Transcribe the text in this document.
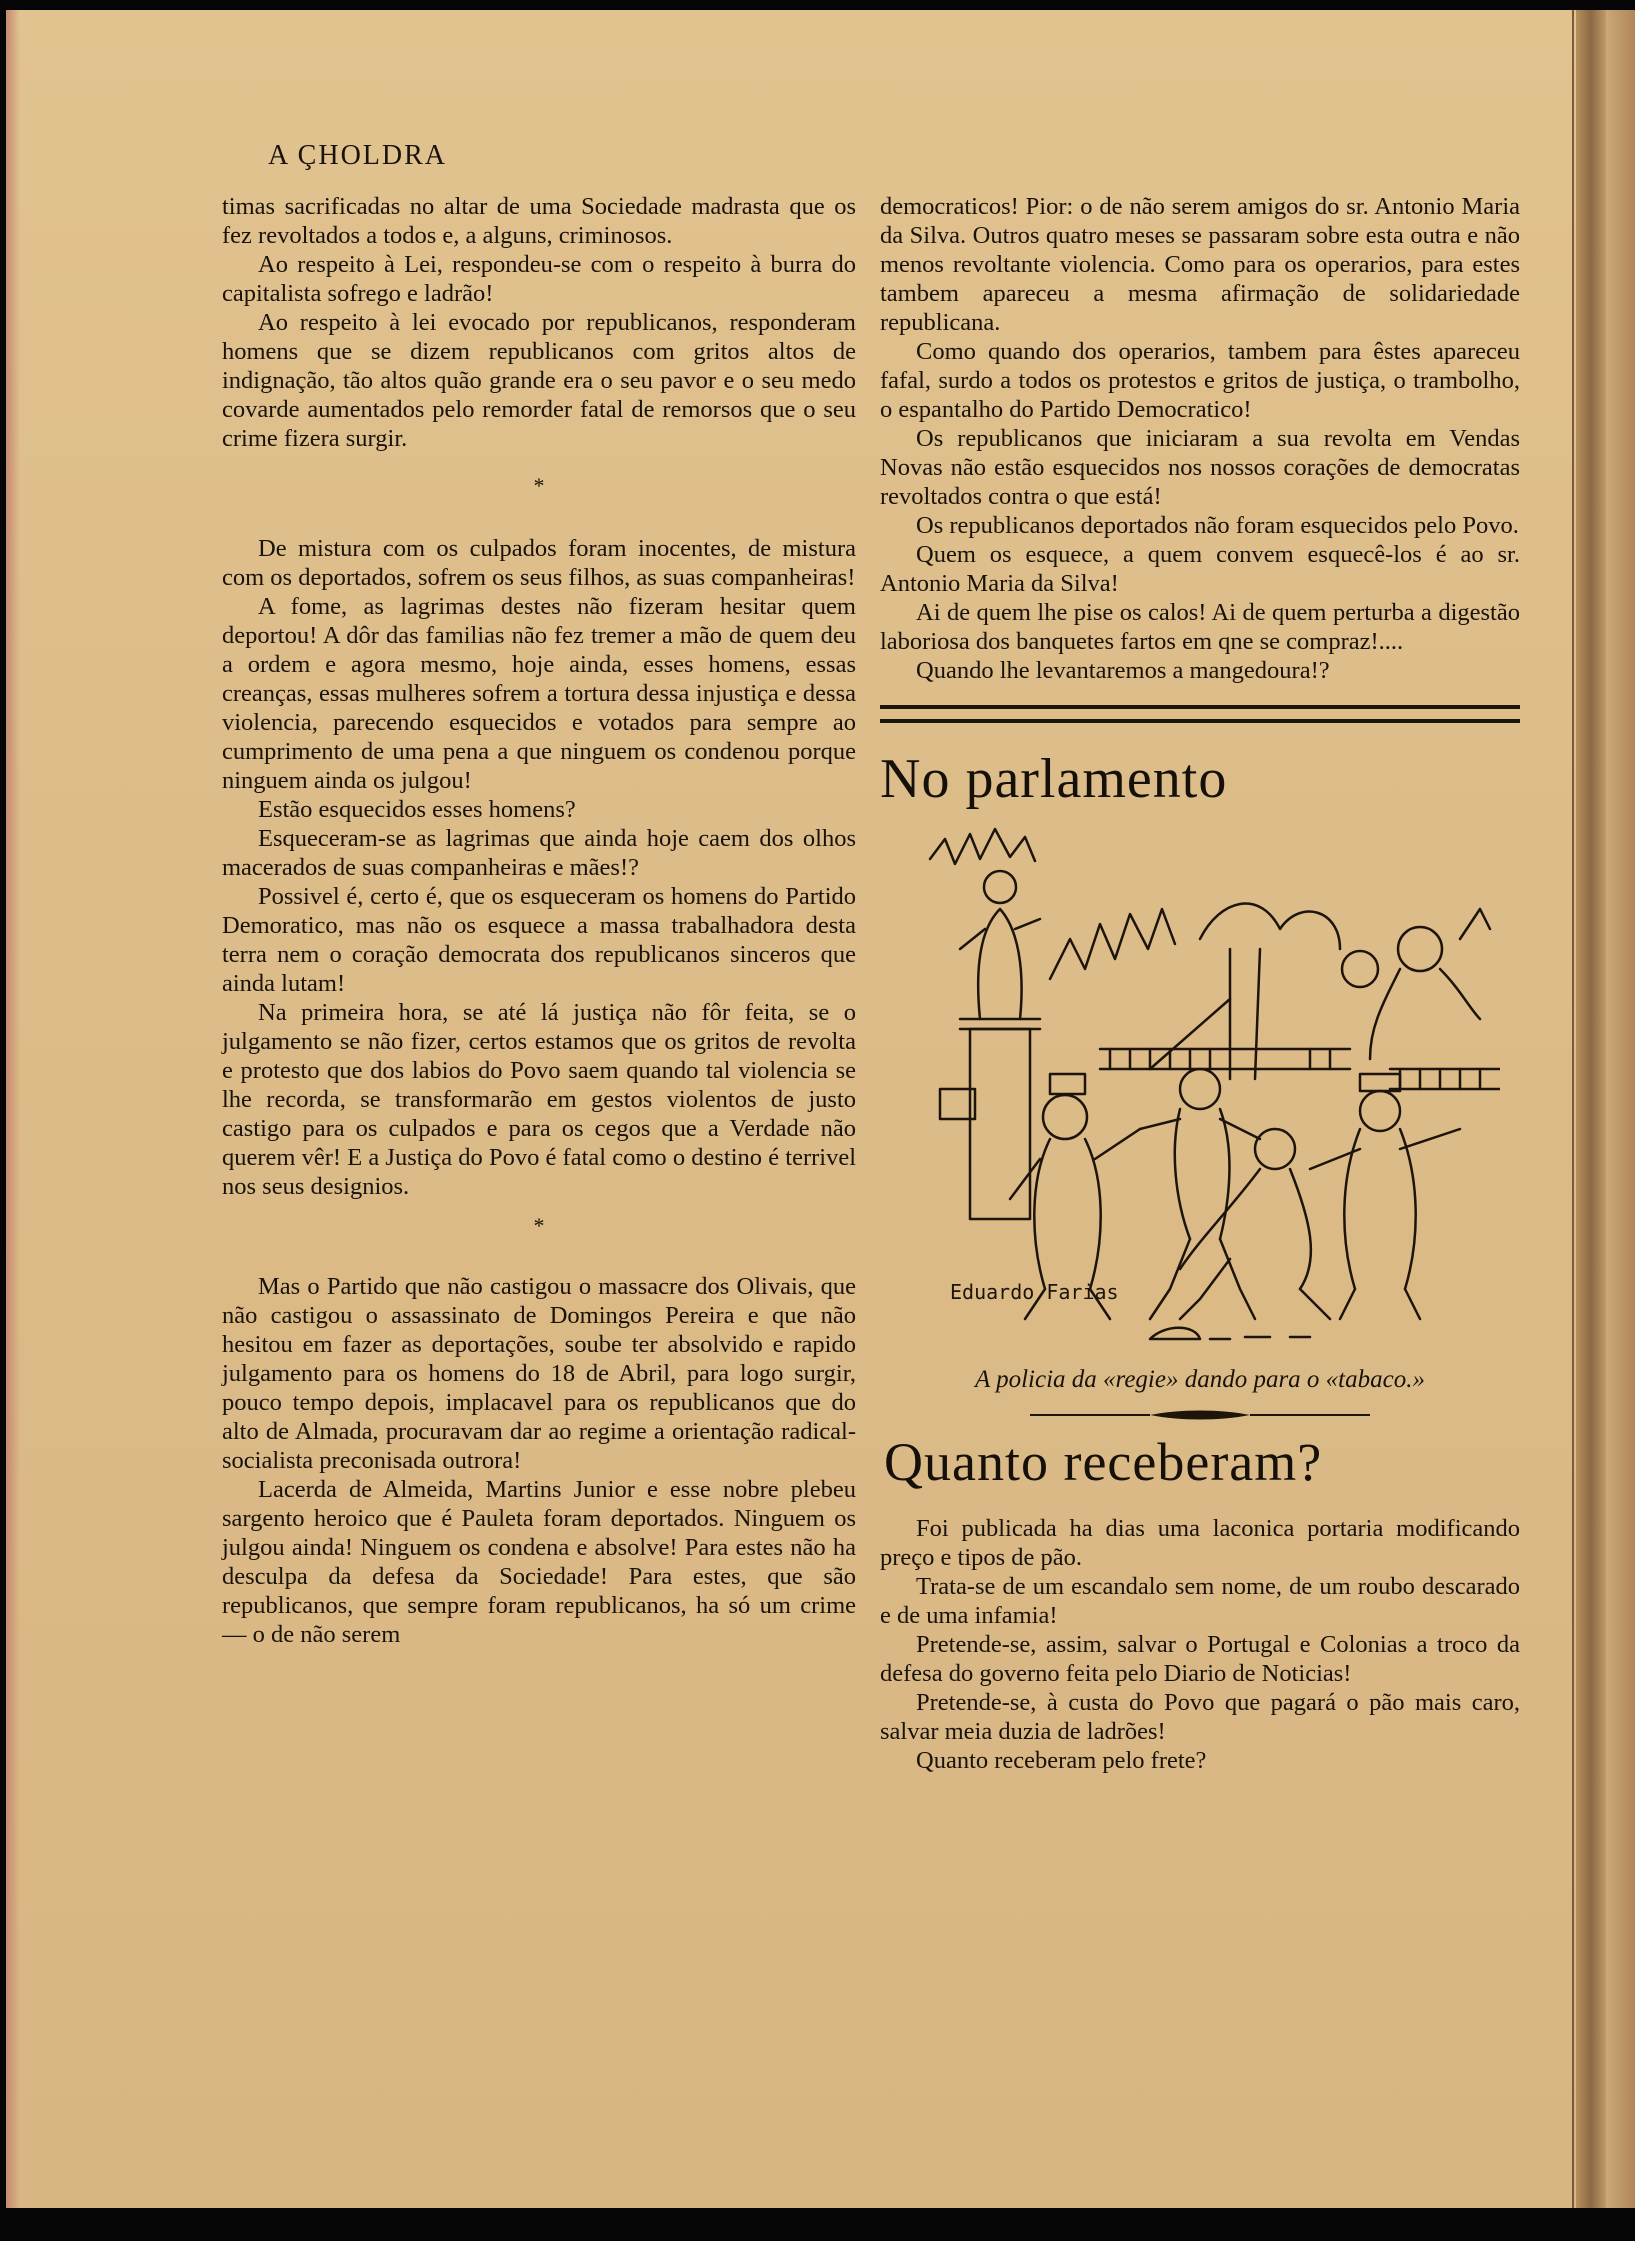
A ÇHOLDRA

timas sacrificadas no altar de uma Sociedade madrasta que os fez revoltados a todos e, a alguns, criminosos.

Ao respeito à Lei, respondeu-se com o respeito à burra do capitalista sofrego e ladrão!

Ao respeito à lei evocado por republicanos, responderam homens que se dizem republicanos com gritos altos de indignação, tão altos quão grande era o seu pavor e o seu medo covarde aumentados pelo remorder fatal de remorsos que o seu crime fizera surgir.

*

De mistura com os culpados foram inocentes, de mistura com os deportados, sofrem os seus filhos, as suas companheiras!

A fome, as lagrimas destes não fizeram hesitar quem deportou! A dôr das familias não fez tremer a mão de quem deu a ordem e agora mesmo, hoje ainda, esses homens, essas creanças, essas mulheres sofrem a tortura dessa injustiça e dessa violencia, parecendo esquecidos e votados para sempre ao cumprimento de uma pena a que ninguem os condenou porque ninguem ainda os julgou!

Estão esquecidos esses homens?

Esqueceram-se as lagrimas que ainda hoje caem dos olhos macerados de suas companheiras e mães!?

Possivel é, certo é, que os esqueceram os homens do Partido Demoratico, mas não os esquece a massa trabalhadora desta terra nem o coração democrata dos republicanos sinceros que ainda lutam!

Na primeira hora, se até lá justiça não fôr feita, se o julgamento se não fizer, certos estamos que os gritos de revolta e protesto que dos labios do Povo saem quando tal violencia se lhe recorda, se transformarão em gestos violentos de justo castigo para os culpados e para os cegos que a Verdade não querem vêr! E a Justiça do Povo é fatal como o destino é terrivel nos seus designios.

*

Mas o Partido que não castigou o massacre dos Olivais, que não castigou o assassinato de Domingos Pereira e que não hesitou em fazer as deportações, soube ter absolvido e rapido julgamento para os homens do 18 de Abril, para logo surgir, pouco tempo depois, implacavel para os republicanos que do alto de Almada, procuravam dar ao regime a orientação radical-socialista preconisada outrora!

Lacerda de Almeida, Martins Junior e esse nobre plebeu sargento heroico que é Pauleta foram deportados. Ninguem os julgou ainda! Ninguem os condena e absolve! Para estes não ha desculpa da defesa da Sociedade! Para estes, que são republicanos, que sempre foram republicanos, ha só um crime — o de não serem

democraticos! Pior: o de não serem amigos do sr. Antonio Maria da Silva. Outros quatro meses se passaram sobre esta outra e não menos revoltante violencia. Como para os operarios, para estes tambem apareceu a mesma afirmação de solidariedade republicana.

Como quando dos operarios, tambem para êstes apareceu fafal, surdo a todos os protestos e gritos de justiça, o trambolho, o espantalho do Partido Democratico!

Os republicanos que iniciaram a sua revolta em Vendas Novas não estão esquecidos nos nossos corações de democratas revoltados contra o que está!

Os republicanos deportados não foram esquecidos pelo Povo.

Quem os esquece, a quem convem esquecê-los é ao sr. Antonio Maria da Silva!

Ai de quem lhe pise os calos! Ai de quem perturba a digestão laboriosa dos banquetes fartos em qne se compraz!....

Quando lhe levantaremos a mangedoura!?

No parlamento
Eduardo Farias
A policia da «regie» dando para o «tabaco.»
Quanto receberam?

Foi publicada ha dias uma laconica portaria modificando preço e tipos de pão.

Trata-se de um escandalo sem nome, de um roubo descarado e de uma infamia!

Pretende-se, assim, salvar o Portugal e Colonias a troco da defesa do governo feita pelo Diario de Noticias!

Pretende-se, à custa do Povo que pagará o pão mais caro, salvar meia duzia de ladrões!

Quanto receberam pelo frete?
